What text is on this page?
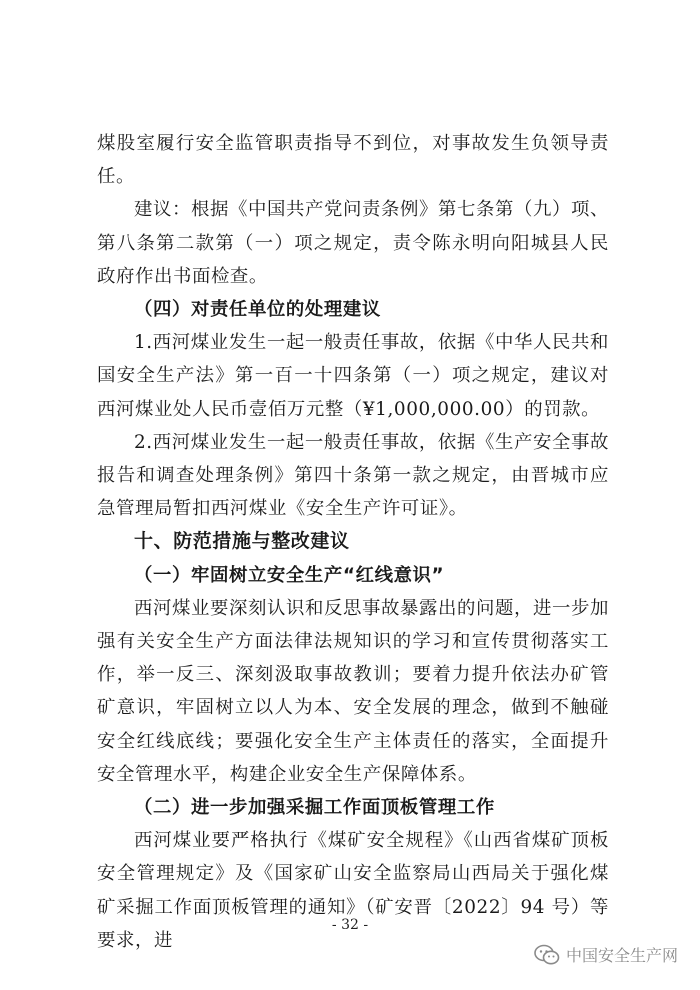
煤股室履行安全监管职责指导不到位，对事故发生负领导责任。

建议：根据《中国共产党问责条例》第七条第（九）项、第八条第二款第（一）项之规定，责令陈永明向阳城县人民政府作出书面检查。

（四）对责任单位的处理建议

1.西河煤业发生一起一般责任事故，依据《中华人民共和国安全生产法》第一百一十四条第（一）项之规定，建议对西河煤业处人民币壹佰万元整（¥1,000,000.00）的罚款。

2.西河煤业发生一起一般责任事故，依据《生产安全事故报告和调查处理条例》第四十条第一款之规定，由晋城市应急管理局暂扣西河煤业《安全生产许可证》。

十、防范措施与整改建议

（一）牢固树立安全生产“红线意识”

西河煤业要深刻认识和反思事故暴露出的问题，进一步加强有关安全生产方面法律法规知识的学习和宣传贯彻落实工作，举一反三、深刻汲取事故教训；要着力提升依法办矿管矿意识，牢固树立以人为本、安全发展的理念，做到不触碰安全红线底线；要强化安全生产主体责任的落实，全面提升安全管理水平，构建企业安全生产保障体系。

（二）进一步加强采掘工作面顶板管理工作

西河煤业要严格执行《煤矿安全规程》《山西省煤矿顶板安全管理规定》及《国家矿山安全监察局山西局关于强化煤矿采掘工作面顶板管理的通知》（矿安晋〔2022〕94 号）等要求，进

- 32 -
中国安全生产网
